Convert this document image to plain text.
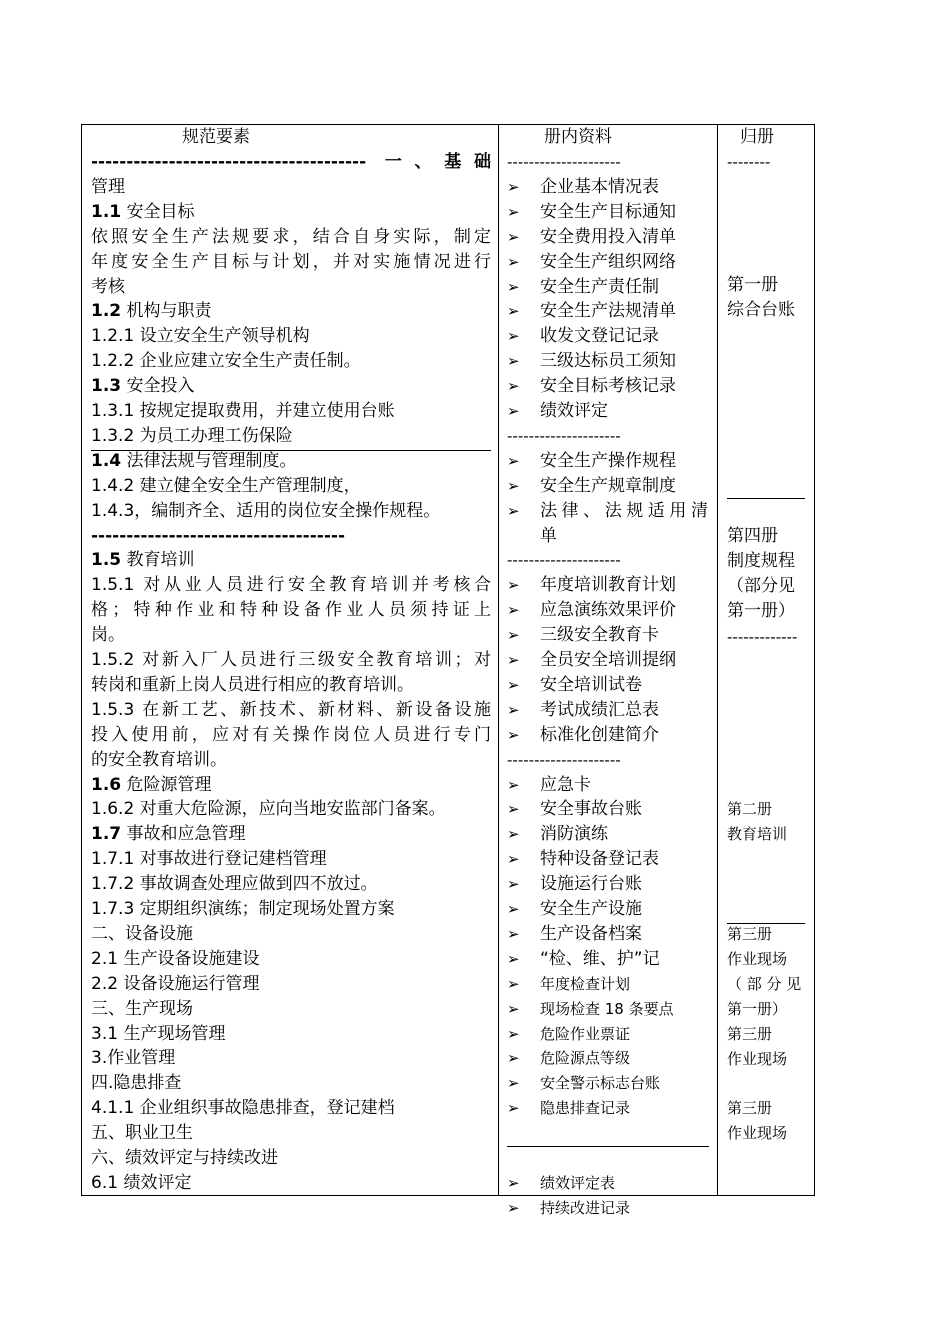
规范要素	册内资料	归册
--------------------------------------- 一、基础
管理
1.1 安全目标
依照安全生产法规要求，结合自身实际，制定
年度安全生产目标与计划，并对实施情况进行
考核
1.2 机构与职责
1.2.1 设立安全生产领导机构
1.2.2 企业应建立安全生产责任制。
1.3 安全投入
1.3.1 按规定提取费用，并建立使用台账
1.3.2 为员工办理工伤保险
1.4 法律法规与管理制度。
1.4.2 建立健全安全生产管理制度，
1.4.3，编制齐全、适用的岗位安全操作规程。
------------------------------------
1.5 教育培训
1.5.1 对从业人员进行安全教育培训并考核合
格；特种作业和特种设备作业人员须持证上
岗。
1.5.2 对新入厂人员进行三级安全教育培训；对
转岗和重新上岗人员进行相应的教育培训。
1.5.3 在新工艺、新技术、新材料、新设备设施
投入使用前，应对有关操作岗位人员进行专门
的安全教育培训。
1.6 危险源管理
1.6.2 对重大危险源，应向当地安监部门备案。
1.7 事故和应急管理
1.7.1 对事故进行登记建档管理
1.7.2 事故调查处理应做到四不放过。
1.7.3 定期组织演练；制定现场处置方案
二、设备设施
2.1 生产设备设施建设
2.2 设备设施运行管理
三、生产现场
3.1 生产现场管理
3.作业管理
四.隐患排查
4.1.1 企业组织事故隐患排查，登记建档
五、职业卫生
六、绩效评定与持续改进
6.1 绩效评定
---------------------
➢ 企业基本情况表
➢ 安全生产目标通知
➢ 安全费用投入清单
➢ 安全生产组织网络
➢ 安全生产责任制
➢ 安全生产法规清单
➢ 收发文登记记录
➢ 三级达标员工须知
➢ 安全目标考核记录
➢ 绩效评定
---------------------
➢ 安全生产操作规程
➢ 安全生产规章制度
➢ 法律、法规适用清
单
---------------------
➢ 年度培训教育计划
➢ 应急演练效果评价
➢ 三级安全教育卡
➢ 全员安全培训提纲
➢ 安全培训试卷
➢ 考试成绩汇总表
➢ 标准化创建简介
---------------------
➢ 应急卡
➢ 安全事故台账
➢ 消防演练
➢ 特种设备登记表
➢ 设施运行台账
➢ 安全生产设施
➢ 生产设备档案
➢ “检、维、护”记
➢ 年度检查计划
➢ 现场检查 18 条要点
➢ 危险作业票证
➢ 危险源点等级
➢ 安全警示标志台账
➢ 隐患排查记录
➢ 绩效评定表
➢ 持续改进记录
--------
第一册
综合台账
第四册
制度规程
（部分见
第一册）
-------------
第二册
教育培训
第三册
作业现场
（ 部 分 见
第一册）
第三册
作业现场
第三册
作业现场
